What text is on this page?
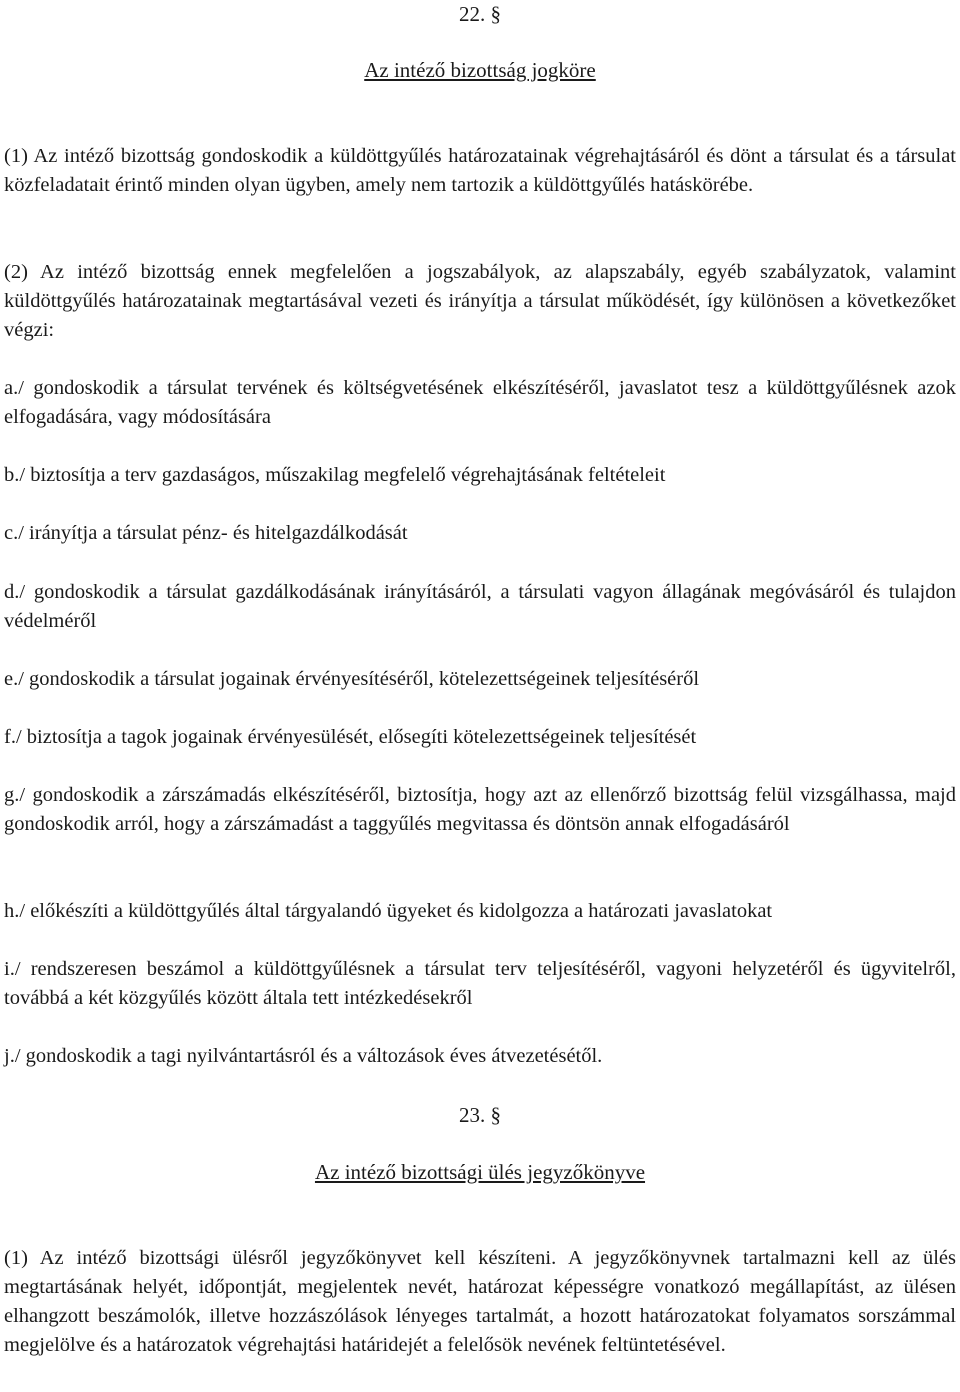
22. §
Az intéző bizottság jogköre

(1) Az intéző bizottság gondoskodik a küldöttgyűlés határozatainak végrehajtásáról és dönt a társulat és a társulat közfeladatait érintő minden olyan ügyben, amely nem tartozik a küldöttgyűlés hatáskörébe.

(2) Az intéző bizottság ennek megfelelően a jogszabályok, az alapszabály, egyéb szabályzatok, valamint küldöttgyűlés határozatainak megtartásával vezeti és irányítja a társulat működését, így különösen a következőket végzi:

a./ gondoskodik a társulat tervének és költségvetésének elkészítéséről, javaslatot tesz a küldöttgyűlésnek azok elfogadására, vagy módosítására

b./ biztosítja a terv gazdaságos, műszakilag megfelelő végrehajtásának feltételeit

c./ irányítja a társulat pénz- és hitelgazdálkodását

d./ gondoskodik a társulat gazdálkodásának irányításáról, a társulati vagyon állagának megóvásáról és tulajdon védelméről

e./ gondoskodik a társulat jogainak érvényesítéséről, kötelezettségeinek teljesítéséről

f./ biztosítja a tagok jogainak érvényesülését, elősegíti kötelezettségeinek teljesítését

g./ gondoskodik a zárszámadás elkészítéséről, biztosítja, hogy azt az ellenőrző bizottság felül vizsgálhassa, majd gondoskodik arról, hogy a zárszámadást a taggyűlés megvitassa és döntsön annak elfogadásáról

h./ előkészíti a küldöttgyűlés által tárgyalandó ügyeket és kidolgozza a határozati javaslatokat

i./ rendszeresen beszámol a küldöttgyűlésnek a társulat terv teljesítéséről, vagyoni helyzetéről és ügyvitelről, továbbá a két közgyűlés között általa tett intézkedésekről

j./ gondoskodik a tagi nyilvántartásról és a változások éves átvezetésétől.

23. §
Az intéző bizottsági ülés jegyzőkönyve

(1) Az intéző bizottsági ülésről jegyzőkönyvet kell készíteni. A jegyzőkönyvnek tartalmazni kell az ülés megtartásának helyét, időpontját, megjelentek nevét, határozat képességre vonatkozó megállapítást, az ülésen elhangzott beszámolók, illetve hozzászólások lényeges tartalmát, a hozott határozatokat folyamatos sorszámmal megjelölve és a határozatok végrehajtási határidejét a felelősök nevének feltüntetésével.
